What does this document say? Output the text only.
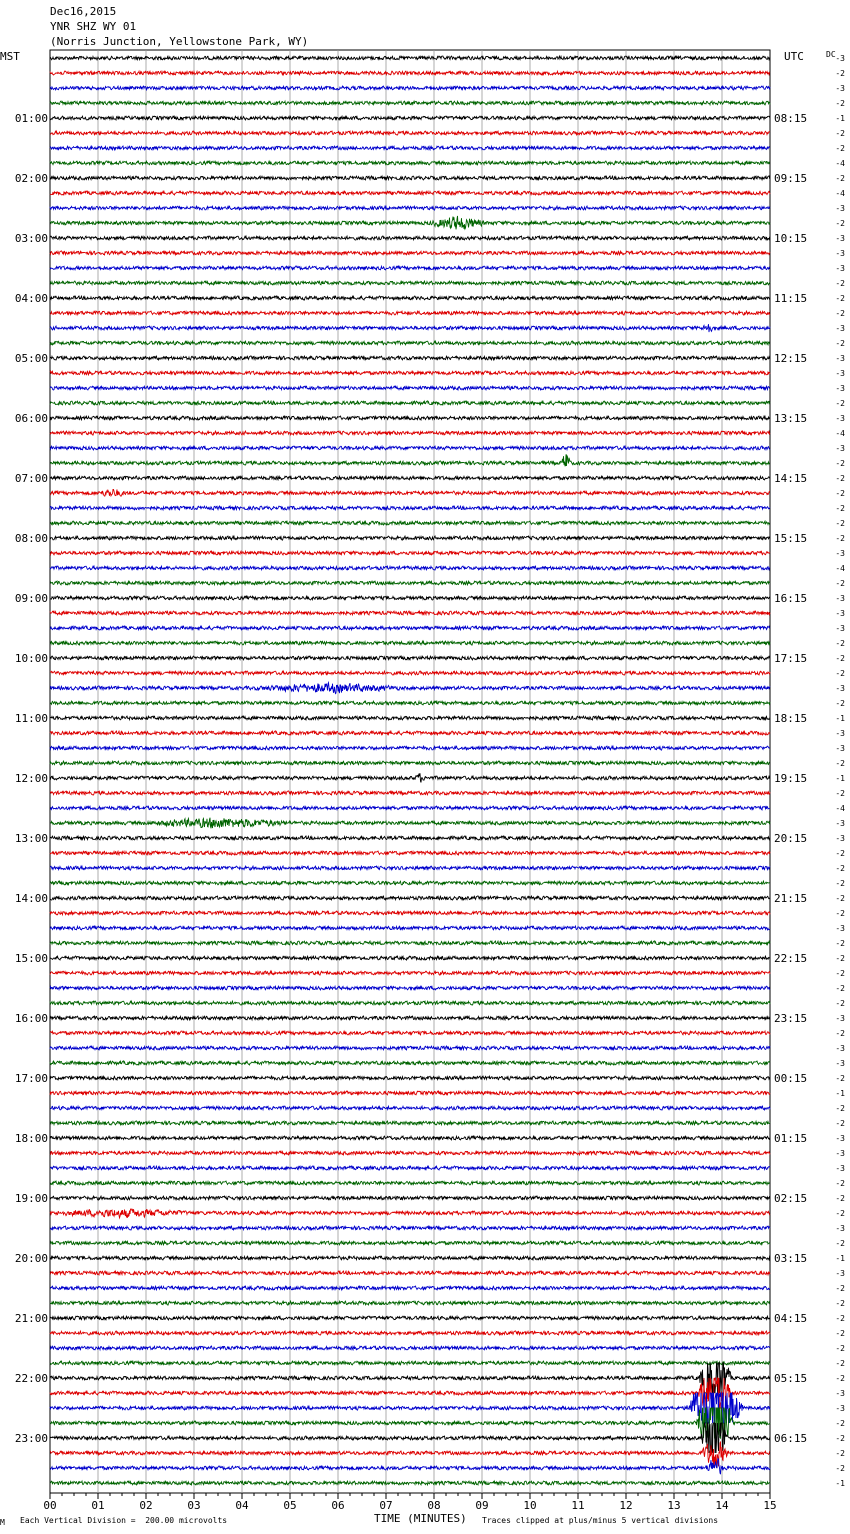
Dec16,2015
YNR SHZ WY 01
(Norris Junction, Yellowstone Park, WY)
MST	UTC
00	01	02	03	04	05	06	07	08	09	10	11	12	13	14	15
-3
-2
-3
-2
-1
-2
-2
-4
-2
-4
-3
-2
-3
-3
-3
-2
-2
-2
-3
-2
-3
-3
-3
-2
-3
-4
-3
-2
-2
-2
-2
-2
-2
-3
-4
-2
-3
-3
-3
-2
-2
-2
-3
-2
-1
-3
-3
-2
-1
-2
-4
-3
-3
-2
-2
-2
-2
-2
-3
-2
-2
-2
-2
-2
-3
-2
-3
-3
-2
-1
-2
-2
-3
-3
-3
-2
-2
-2
-3
-2
-1
-3
-2
-2
-2
-2
-2
-2
-2
-3
-3
-2
-2
-2
-2
-1
DC
01:00
02:00
03:00
04:00
05:00
06:00
07:00
08:00
09:00
10:00
11:00
12:00
13:00
14:00
15:00
16:00
17:00
18:00
19:00
20:00
21:00
22:00
23:00
08:15
09:15
10:15
11:15
12:15
13:15
14:15
15:15
16:15
17:15
18:15
19:15
20:15
21:15
22:15
23:15
00:15
01:15
02:15
03:15
04:15
05:15
06:15
M Each Vertical Division =  200.00 microvolts	TIME (MINUTES) Traces clipped at plus/minus 5 vertical divisions
